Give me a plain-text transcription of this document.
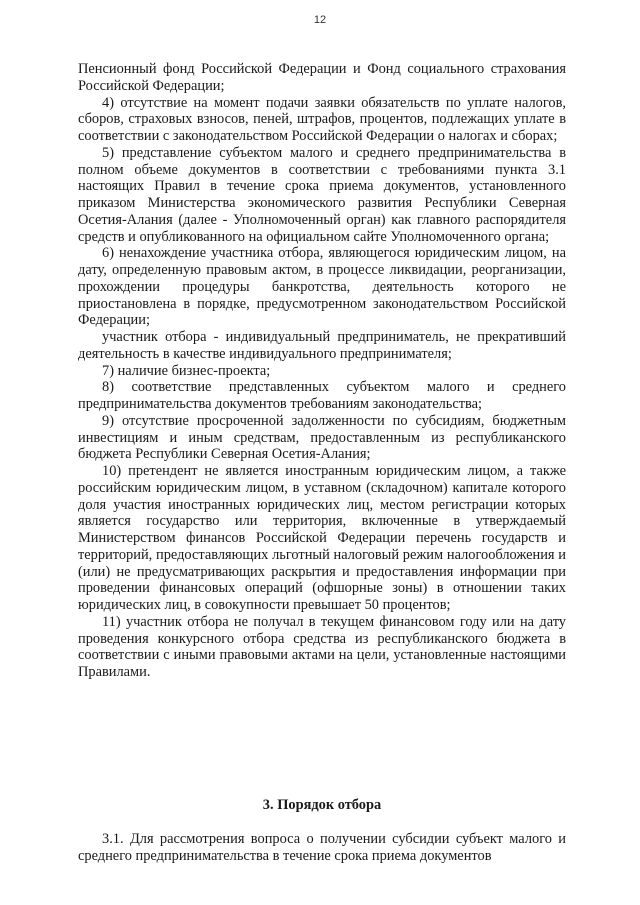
12

Пенсионный фонд Российской Федерации и Фонд социального страхования Российской Федерации;

4) отсутствие на момент подачи заявки обязательств по уплате налогов, сборов, страховых взносов, пеней, штрафов, процентов, подлежащих уплате в соответствии с законодательством Российской Федерации о налогах и сборах;

5) представление субъектом малого и среднего предпринимательства в полном объеме документов в соответствии с требованиями пункта 3.1 настоящих Правил в течение срока приема документов, установленного приказом Министерства экономического развития Республики Северная Осетия-Алания (далее - Уполномоченный орган) как главного распорядителя средств и опубликованного на официальном сайте Уполномоченного органа;

6) ненахождение участника отбора, являющегося юридическим лицом, на дату, определенную правовым актом, в процессе ликвидации, реорганизации, прохождении процедуры банкротства, деятельность которого не приостановлена в порядке, предусмотренном законодательством Российской Федерации;

участник отбора - индивидуальный предприниматель, не прекративший деятельность в качестве индивидуального предпринимателя;

7) наличие бизнес-проекта;

8) соответствие представленных субъектом малого и среднего предпринимательства документов требованиям законодательства;

9) отсутствие просроченной задолженности по субсидиям, бюджетным инвестициям и иным средствам, предоставленным из республиканского бюджета Республики Северная Осетия-Алания;

10) претендент не является иностранным юридическим лицом, а также российским юридическим лицом, в уставном (складочном) капитале которого доля участия иностранных юридических лиц, местом регистрации которых является государство или территория, включенные в утверждаемый Министерством финансов Российской Федерации перечень государств и территорий, предоставляющих льготный налоговый режим налогообложения и (или) не предусматривающих раскрытия и предоставления информации при проведении финансовых операций (офшорные зоны) в отношении таких юридических лиц, в совокупности превышает 50 процентов;

11) участник отбора не получал в текущем финансовом году или на дату проведения конкурсного отбора средства из республиканского бюджета в соответствии с иными правовыми актами на цели, установленные настоящими Правилами.

3. Порядок отбора

3.1. Для рассмотрения вопроса о получении субсидии субъект малого и среднего предпринимательства в течение срока приема документов
